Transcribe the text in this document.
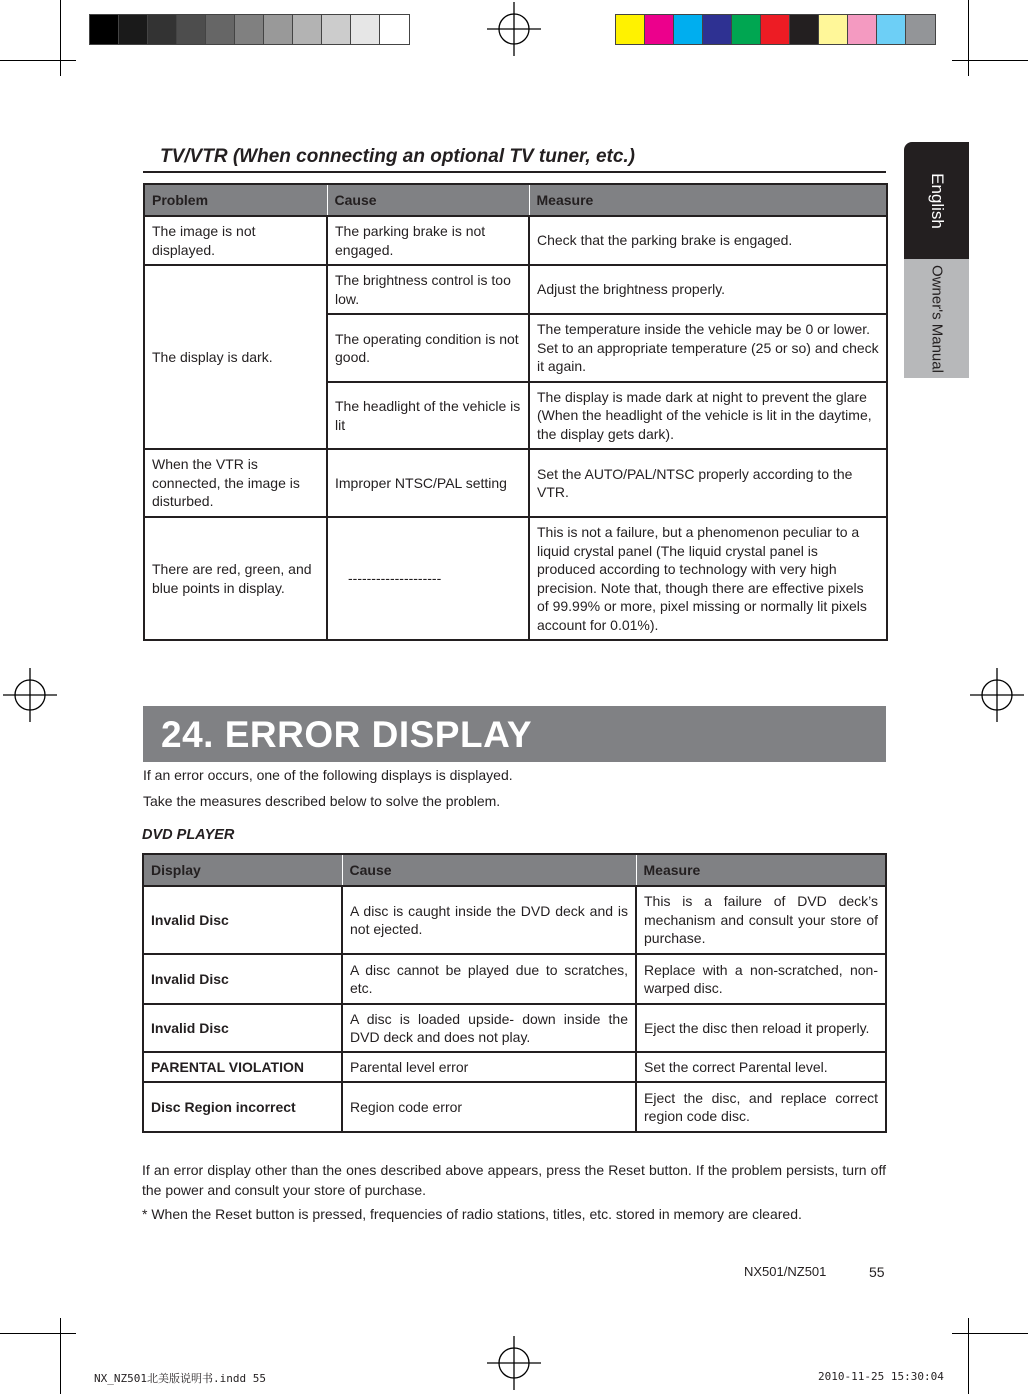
English
Owner's Manual
TV/VTR (When connecting an optional TV tuner, etc.)
Problem	Cause	Measure
The image is not displayed.	The parking brake is not engaged.	Check that the parking brake is engaged.
The display is dark.	The brightness control is too low.	Adjust the brightness properly.
	The operating condition is not good.	The temperature inside the vehicle may be 0 or lower. Set to an appropriate temperature (25 or so) and check it again.
	The headlight of the vehicle is lit	The display is made dark at night to prevent the glare (When the headlight of the vehicle is lit in the daytime, the display gets dark).
When the VTR is connected, the image is disturbed.	Improper NTSC/PAL setting	Set the AUTO/PAL/NTSC properly according to the VTR.
There are red, green, and blue points in display.	--------------------	This is not a failure, but a phenomenon peculiar to a liquid crystal panel (The liquid crystal panel is produced according to technology with very high precision. Note that, though there are effective pixels of 99.99% or more, pixel missing or normally lit pixels account for 0.01%).
24. ERROR DISPLAY
If an error occurs, one of the following displays is displayed.
Take the measures described below to solve the problem.
DVD PLAYER
Display	Cause	Measure
Invalid Disc	A disc is caught inside the DVD deck and is not ejected.	This is a failure of DVD deck’s mechanism and consult your store of purchase.
Invalid Disc	A disc cannot be played due to scratches, etc.	Replace with a non-scratched, non-warped disc.
Invalid Disc	A disc is loaded upside- down inside the DVD deck and does not play.	Eject the disc then reload it properly.
PARENTAL VIOLATION	Parental level error	Set the correct Parental level.
Disc Region incorrect	Region code error	Eject the disc, and replace correct region code disc.
If an error display other than the ones described above appears, press the Reset button. If the problem persists, turn off the power and consult your store of purchase.
* When the Reset button is pressed, frequencies of radio stations, titles, etc. stored in memory are cleared.
NX501/NZ501	55
NX_NZ501北美版说明书.indd 55	2010-11-25 15:30:04
